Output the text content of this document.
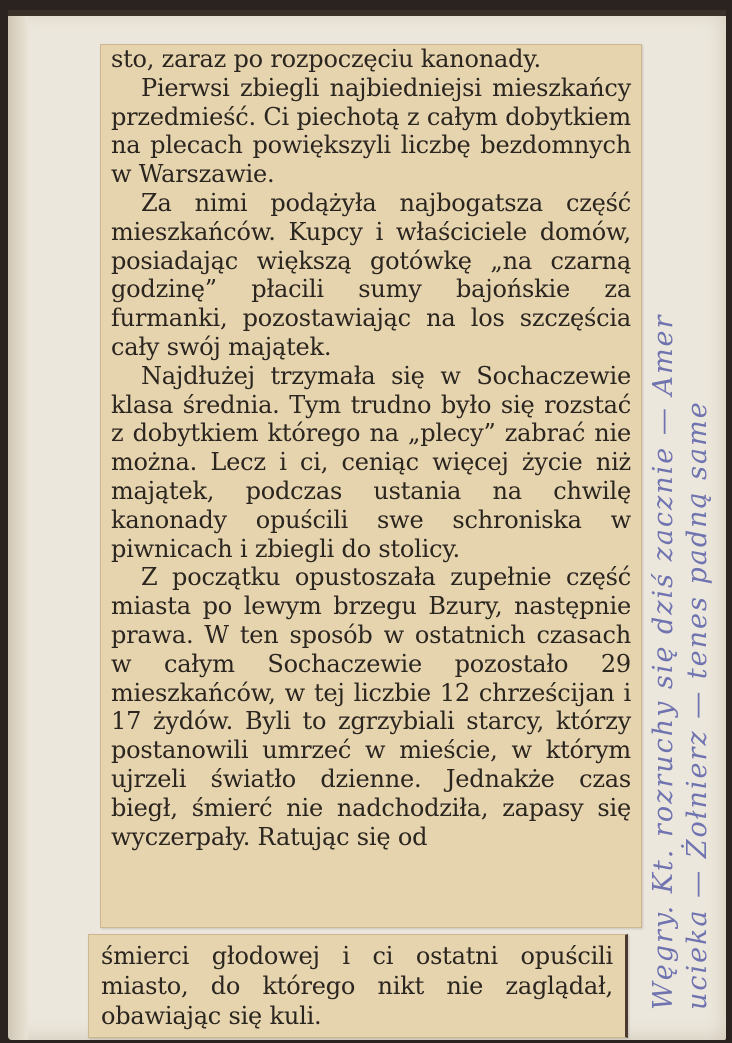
sto, zaraz po rozpoczęciu kanonady.

Pierwsi zbiegli najbiedniejsi mieszkańcy przedmieść. Ci piechotą z całym dobytkiem na plecach powiększyli liczbę bezdomnych w Warszawie.

Za nimi podążyła najbogatsza część mieszkańców. Kupcy i właściciele domów, posiadając większą gotówkę „na czarną godzinę” płacili sumy bajońskie za furmanki, pozostawiając na los szczęścia cały swój majątek.

Najdłużej trzymała się w Sochaczewie klasa średnia. Tym trudno było się rozstać z dobytkiem którego na „plecy” zabrać nie można. Lecz i ci, ceniąc więcej życie niż majątek, podczas ustania na chwilę kanonady opuścili swe schroniska w piwnicach i zbiegli do stolicy.

Z początku opustoszała zupełnie część miasta po lewym brzegu Bzury, następnie prawa. W ten sposób w ostatnich czasach w całym Sochaczewie pozostało 29 mieszkańców, w tej liczbie 12 chrześcijan i 17 żydów. Byli to zgrzybiali starcy, którzy postanowili umrzeć w mieście, w którym ujrzeli światło dzienne. Jednakże czas biegł, śmierć nie nadchodziła, zapasy się wyczerpały. Ratując się od

śmierci głodowej i ci ostatni opuścili miasto, do którego nikt nie zaglądał, obawiając się kuli.

Węgry. Kt. rozruchy się dziś zacznie — Amer ucieka — Żołnierz — tenes padną same
